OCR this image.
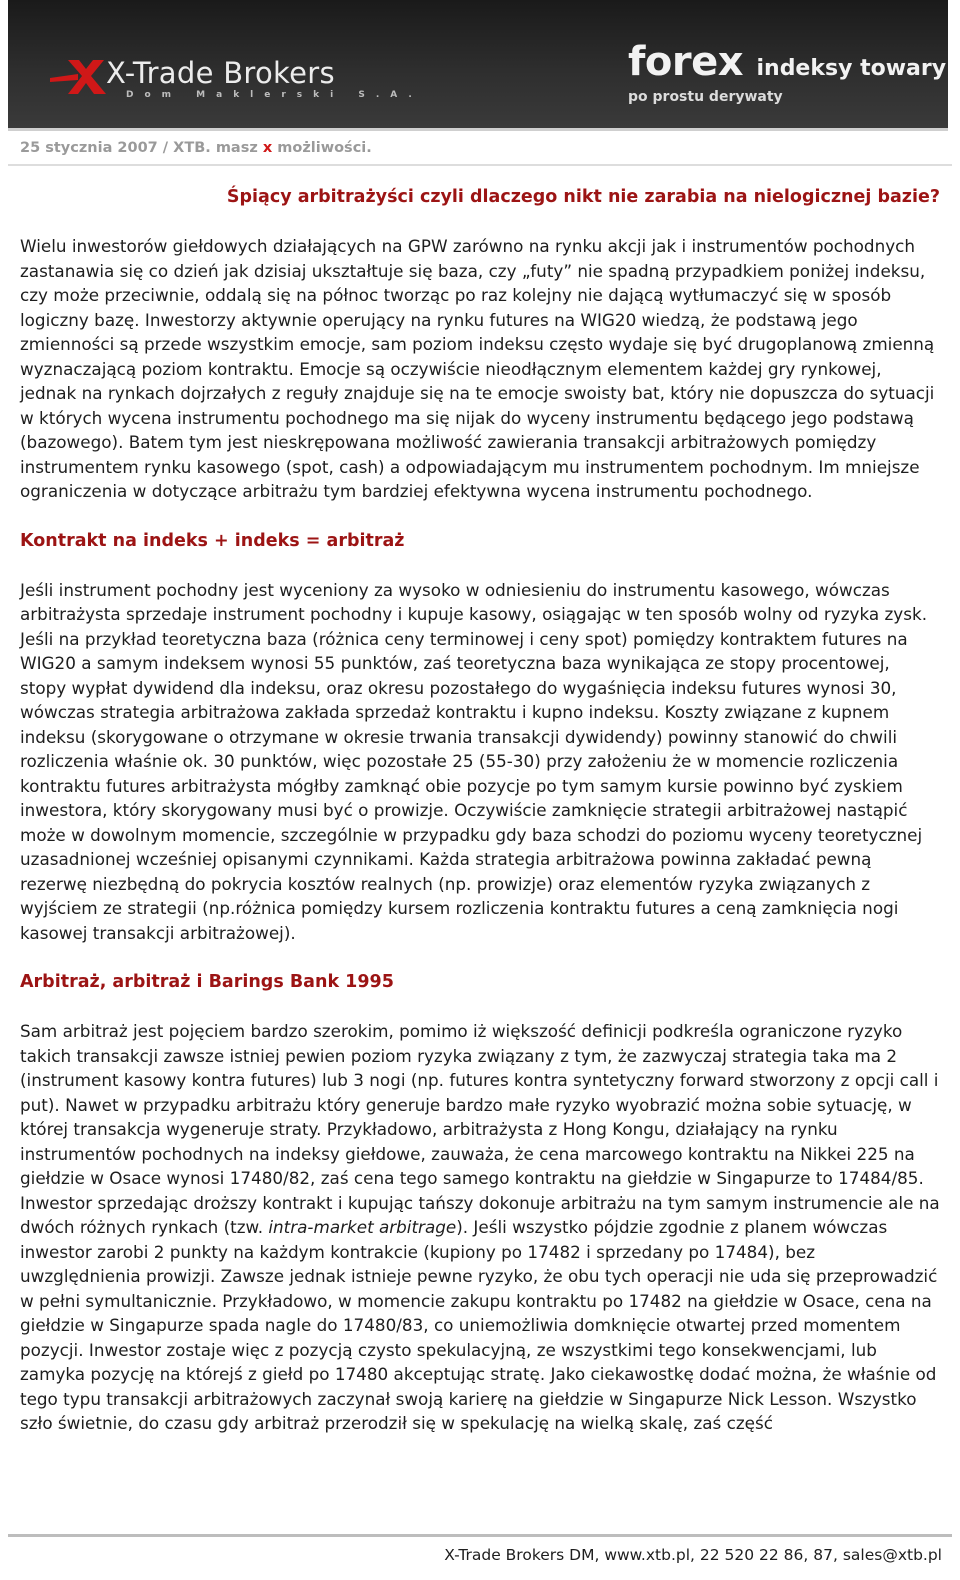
X-Trade Brokers
Dom Maklerski S.A.
forex indeksy towary
po prostu derywaty
25 stycznia 2007 / XTB. masz x możliwości.
Śpiący arbitrażyści czyli dlaczego nikt nie zarabia na nielogicznej bazie?

Wielu inwestorów giełdowych działających na GPW zarówno na rynku akcji jak i instrumentów pochodnych zastanawia się co dzień jak dzisiaj ukształtuje się baza, czy „futy” nie spadną przypadkiem poniżej indeksu, czy może przeciwnie, oddalą się na północ tworząc po raz kolejny nie dającą wytłumaczyć się w sposób logiczny bazę. Inwestorzy aktywnie operujący na rynku futures na WIG20 wiedzą, że podstawą jego zmienności są przede wszystkim emocje, sam poziom indeksu często wydaje się być drugoplanową zmienną wyznaczającą poziom kontraktu. Emocje są oczywiście nieodłącznym elementem każdej gry rynkowej, jednak na rynkach dojrzałych z reguły znajduje się na te emocje swoisty bat, który nie dopuszcza do sytuacji w których wycena instrumentu pochodnego ma się nijak do wyceny instrumentu będącego jego podstawą (bazowego). Batem tym jest nieskrępowana możliwość zawierania transakcji arbitrażowych pomiędzy instrumentem rynku kasowego (spot, cash) a odpowiadającym mu instrumentem pochodnym. Im mniejsze ograniczenia w dotyczące arbitrażu tym bardziej efektywna wycena instrumentu pochodnego.

Kontrakt na indeks + indeks = arbitraż

Jeśli instrument pochodny jest wyceniony za wysoko w odniesieniu do instrumentu kasowego, wówczas arbitrażysta sprzedaje instrument pochodny i kupuje kasowy, osiągając w ten sposób wolny od ryzyka zysk. Jeśli na przykład teoretyczna baza (różnica ceny terminowej i ceny spot) pomiędzy kontraktem futures na WIG20 a samym indeksem wynosi 55 punktów, zaś teoretyczna baza wynikająca ze stopy procentowej, stopy wypłat dywidend dla indeksu, oraz okresu pozostałego do wygaśnięcia indeksu futures wynosi 30, wówczas strategia arbitrażowa zakłada sprzedaż kontraktu i kupno indeksu. Koszty związane z kupnem indeksu (skorygowane o otrzymane w okresie trwania transakcji dywidendy) powinny stanowić do chwili rozliczenia właśnie ok. 30 punktów, więc pozostałe 25 (55-30) przy założeniu że w momencie rozliczenia kontraktu futures arbitrażysta mógłby zamknąć obie pozycje po tym samym kursie powinno być zyskiem inwestora, który skorygowany musi być o prowizje. Oczywiście zamknięcie strategii arbitrażowej nastąpić może w dowolnym momencie, szczególnie w przypadku gdy baza schodzi do poziomu wyceny teoretycznej uzasadnionej wcześniej opisanymi czynnikami. Każda strategia arbitrażowa powinna zakładać pewną rezerwę niezbędną do pokrycia kosztów realnych (np. prowizje) oraz elementów ryzyka związanych z wyjściem ze strategii (np.różnica pomiędzy kursem rozliczenia kontraktu futures a ceną zamknięcia nogi kasowej transakcji arbitrażowej).

Arbitraż, arbitraż i Barings Bank 1995

Sam arbitraż jest pojęciem bardzo szerokim, pomimo iż większość definicji podkreśla ograniczone ryzyko takich transakcji zawsze istniej pewien poziom ryzyka związany z tym, że zazwyczaj strategia taka ma 2 (instrument kasowy kontra futures) lub 3 nogi (np. futures kontra syntetyczny forward stworzony z opcji call i put). Nawet w przypadku arbitrażu który generuje bardzo małe ryzyko wyobrazić można sobie sytuację, w której transakcja wygeneruje straty. Przykładowo, arbitrażysta z Hong Kongu, działający na rynku instrumentów pochodnych na indeksy giełdowe, zauważa, że cena marcowego kontraktu na Nikkei 225 na giełdzie w Osace wynosi 17480/82, zaś cena tego samego kontraktu na giełdzie w Singapurze to 17484/85. Inwestor sprzedając droższy kontrakt i kupując tańszy dokonuje arbitrażu na tym samym instrumencie ale na dwóch różnych rynkach (tzw. intra-market arbitrage). Jeśli wszystko pójdzie zgodnie z planem wówczas inwestor zarobi 2 punkty na każdym kontrakcie (kupiony po 17482 i sprzedany po 17484), bez uwzględnienia prowizji. Zawsze jednak istnieje pewne ryzyko, że obu tych operacji nie uda się przeprowadzić w pełni symultanicznie. Przykładowo, w momencie zakupu kontraktu po 17482 na giełdzie w Osace, cena na giełdzie w Singapurze spada nagle do 17480/83, co uniemożliwia domknięcie otwartej przed momentem pozycji. Inwestor zostaje więc z pozycją czysto spekulacyjną, ze wszystkimi tego konsekwencjami, lub zamyka pozycję na którejś z giełd po 17480 akceptując stratę. Jako ciekawostkę dodać można, że właśnie od tego typu transakcji arbitrażowych zaczynał swoją karierę na giełdzie w Singapurze Nick Lesson. Wszystko szło świetnie, do czasu gdy arbitraż przerodził się w spekulację na wielką skalę, zaś część

X-Trade Brokers DM, www.xtb.pl, 22 520 22 86, 87, sales@xtb.pl
